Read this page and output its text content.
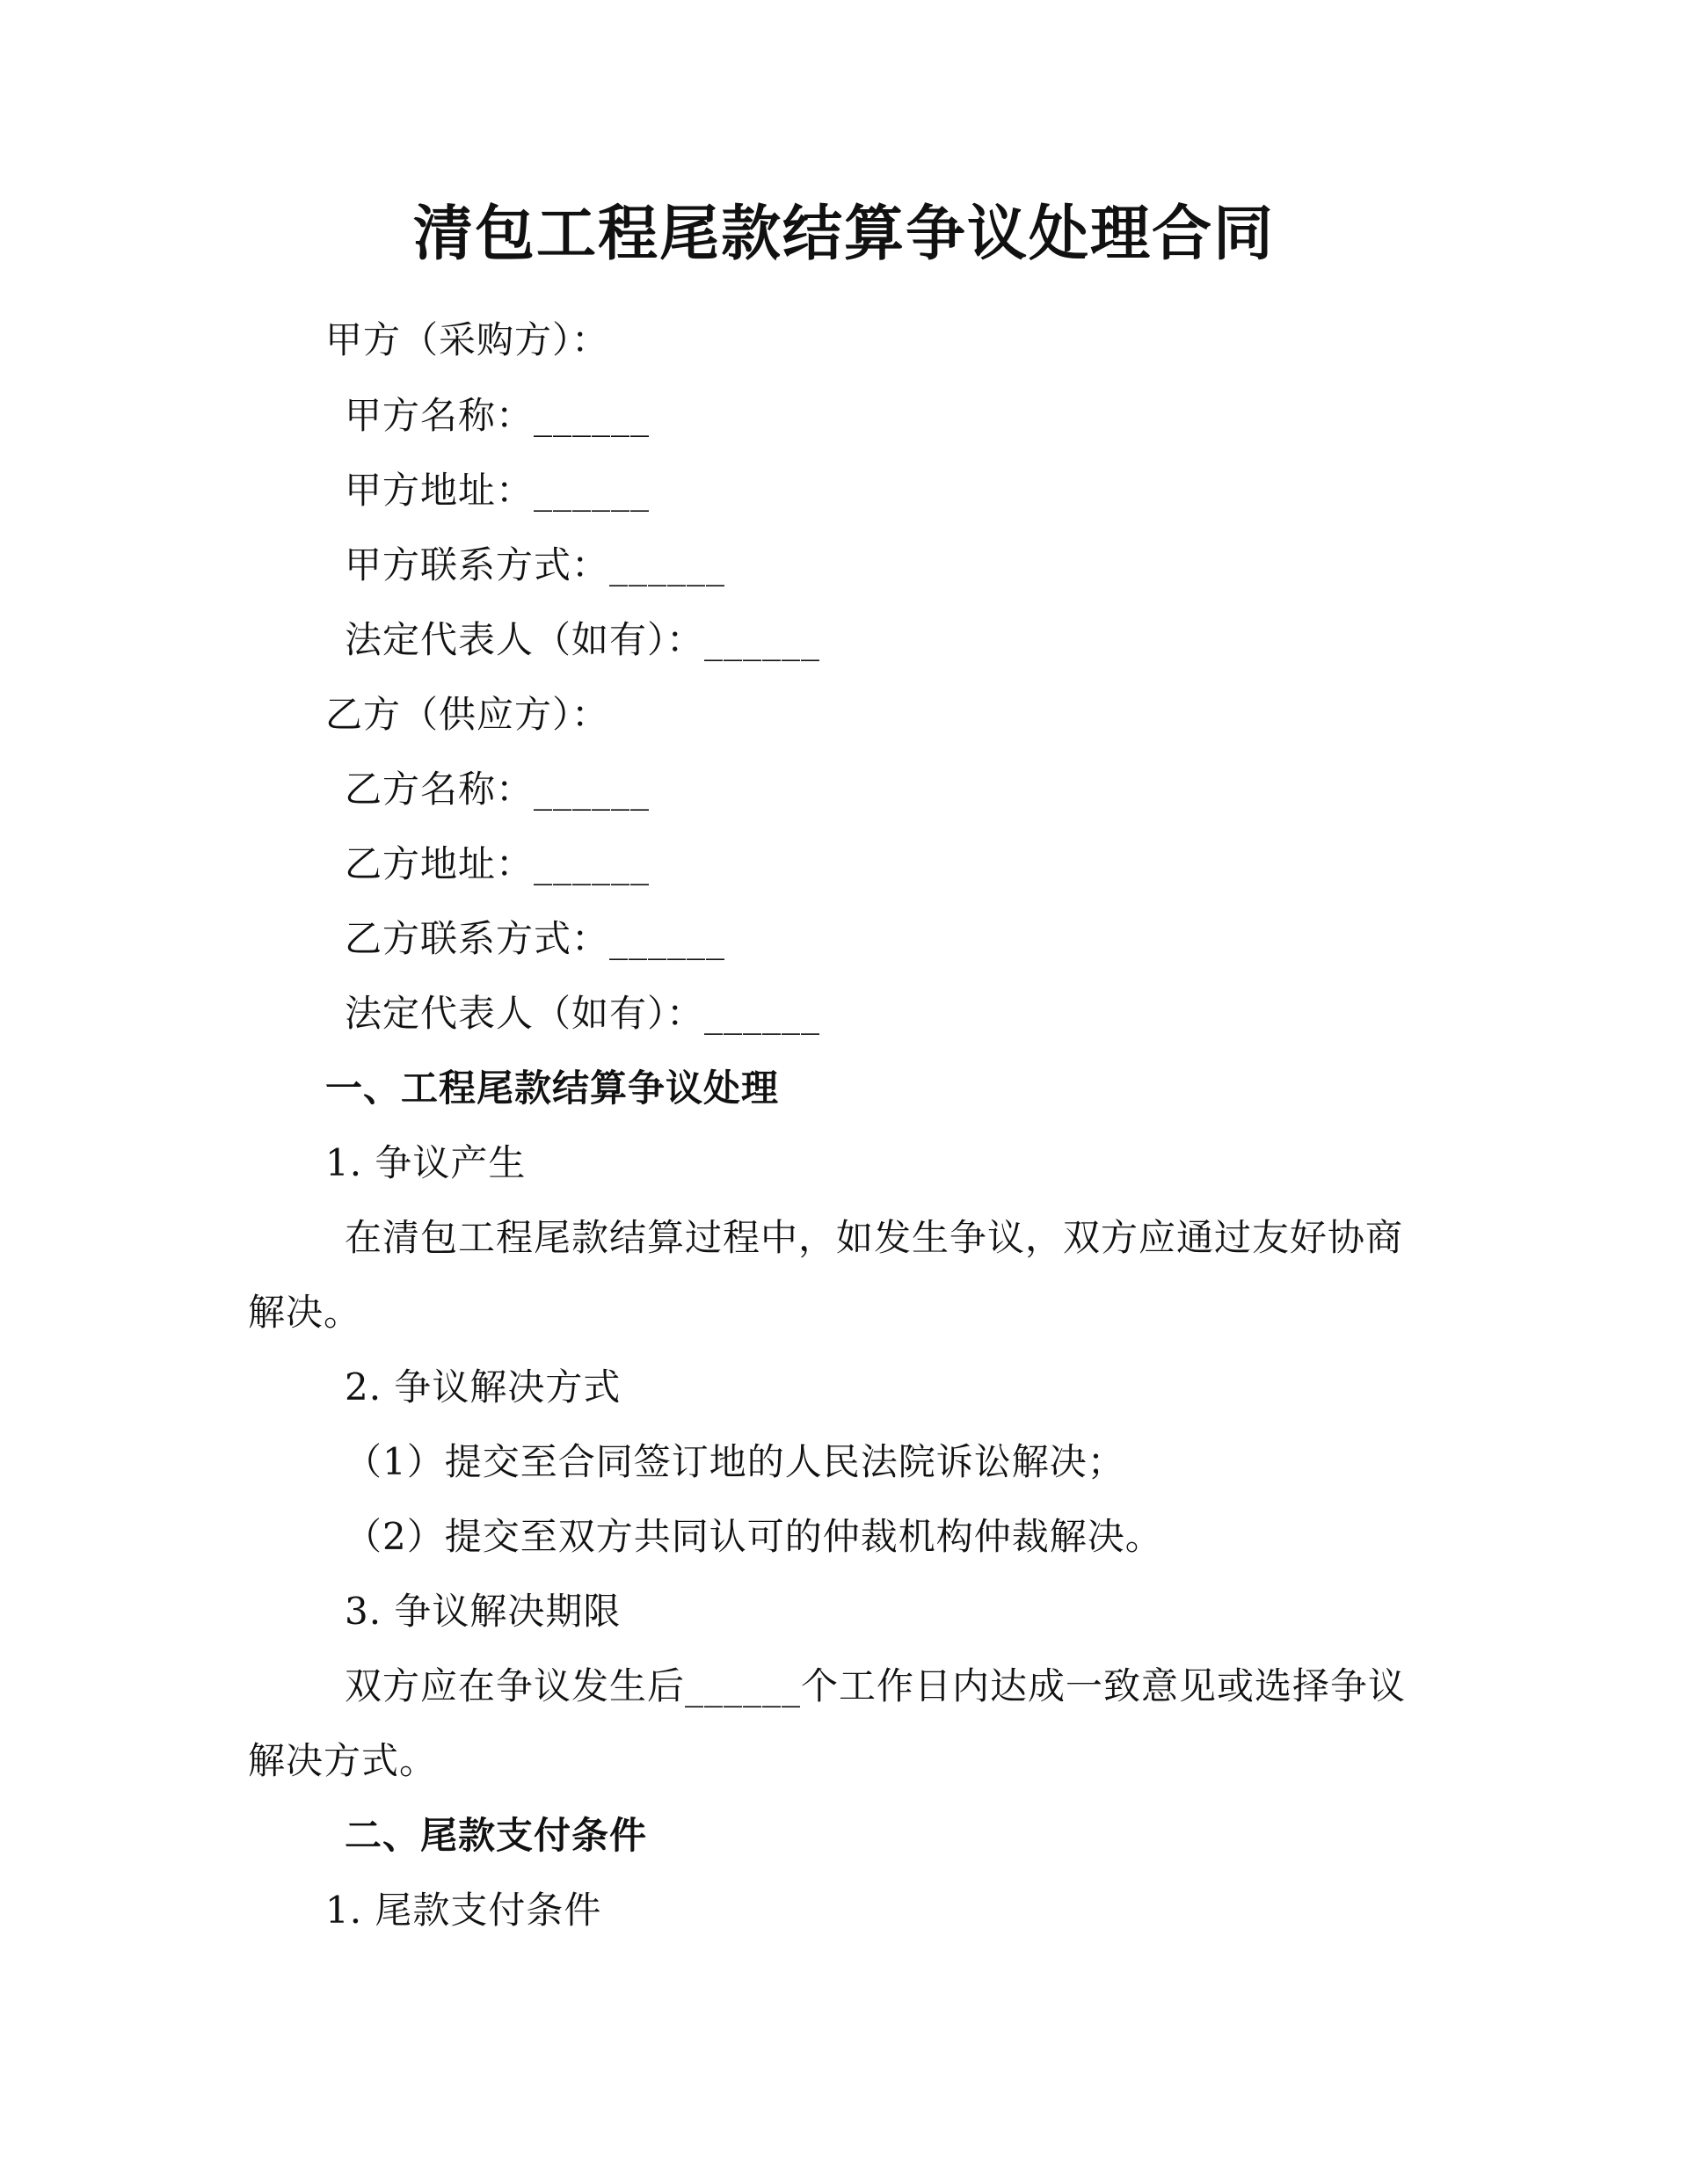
清包工程尾款结算争议处理合同
甲方（采购方）：
甲方名称：______
甲方地址：______
甲方联系方式：______
法定代表人（如有）：______
乙方（供应方）：
乙方名称：______
乙方地址：______
乙方联系方式：______
法定代表人（如有）：______
一、工程尾款结算争议处理
1. 争议产生
在清包工程尾款结算过程中，如发生争议，双方应通过友好协商
解决。
2. 争议解决方式
（1）提交至合同签订地的人民法院诉讼解决；
（2）提交至双方共同认可的仲裁机构仲裁解决。
3. 争议解决期限
双方应在争议发生后______个工作日内达成一致意见或选择争议
解决方式。
二、尾款支付条件
1. 尾款支付条件
